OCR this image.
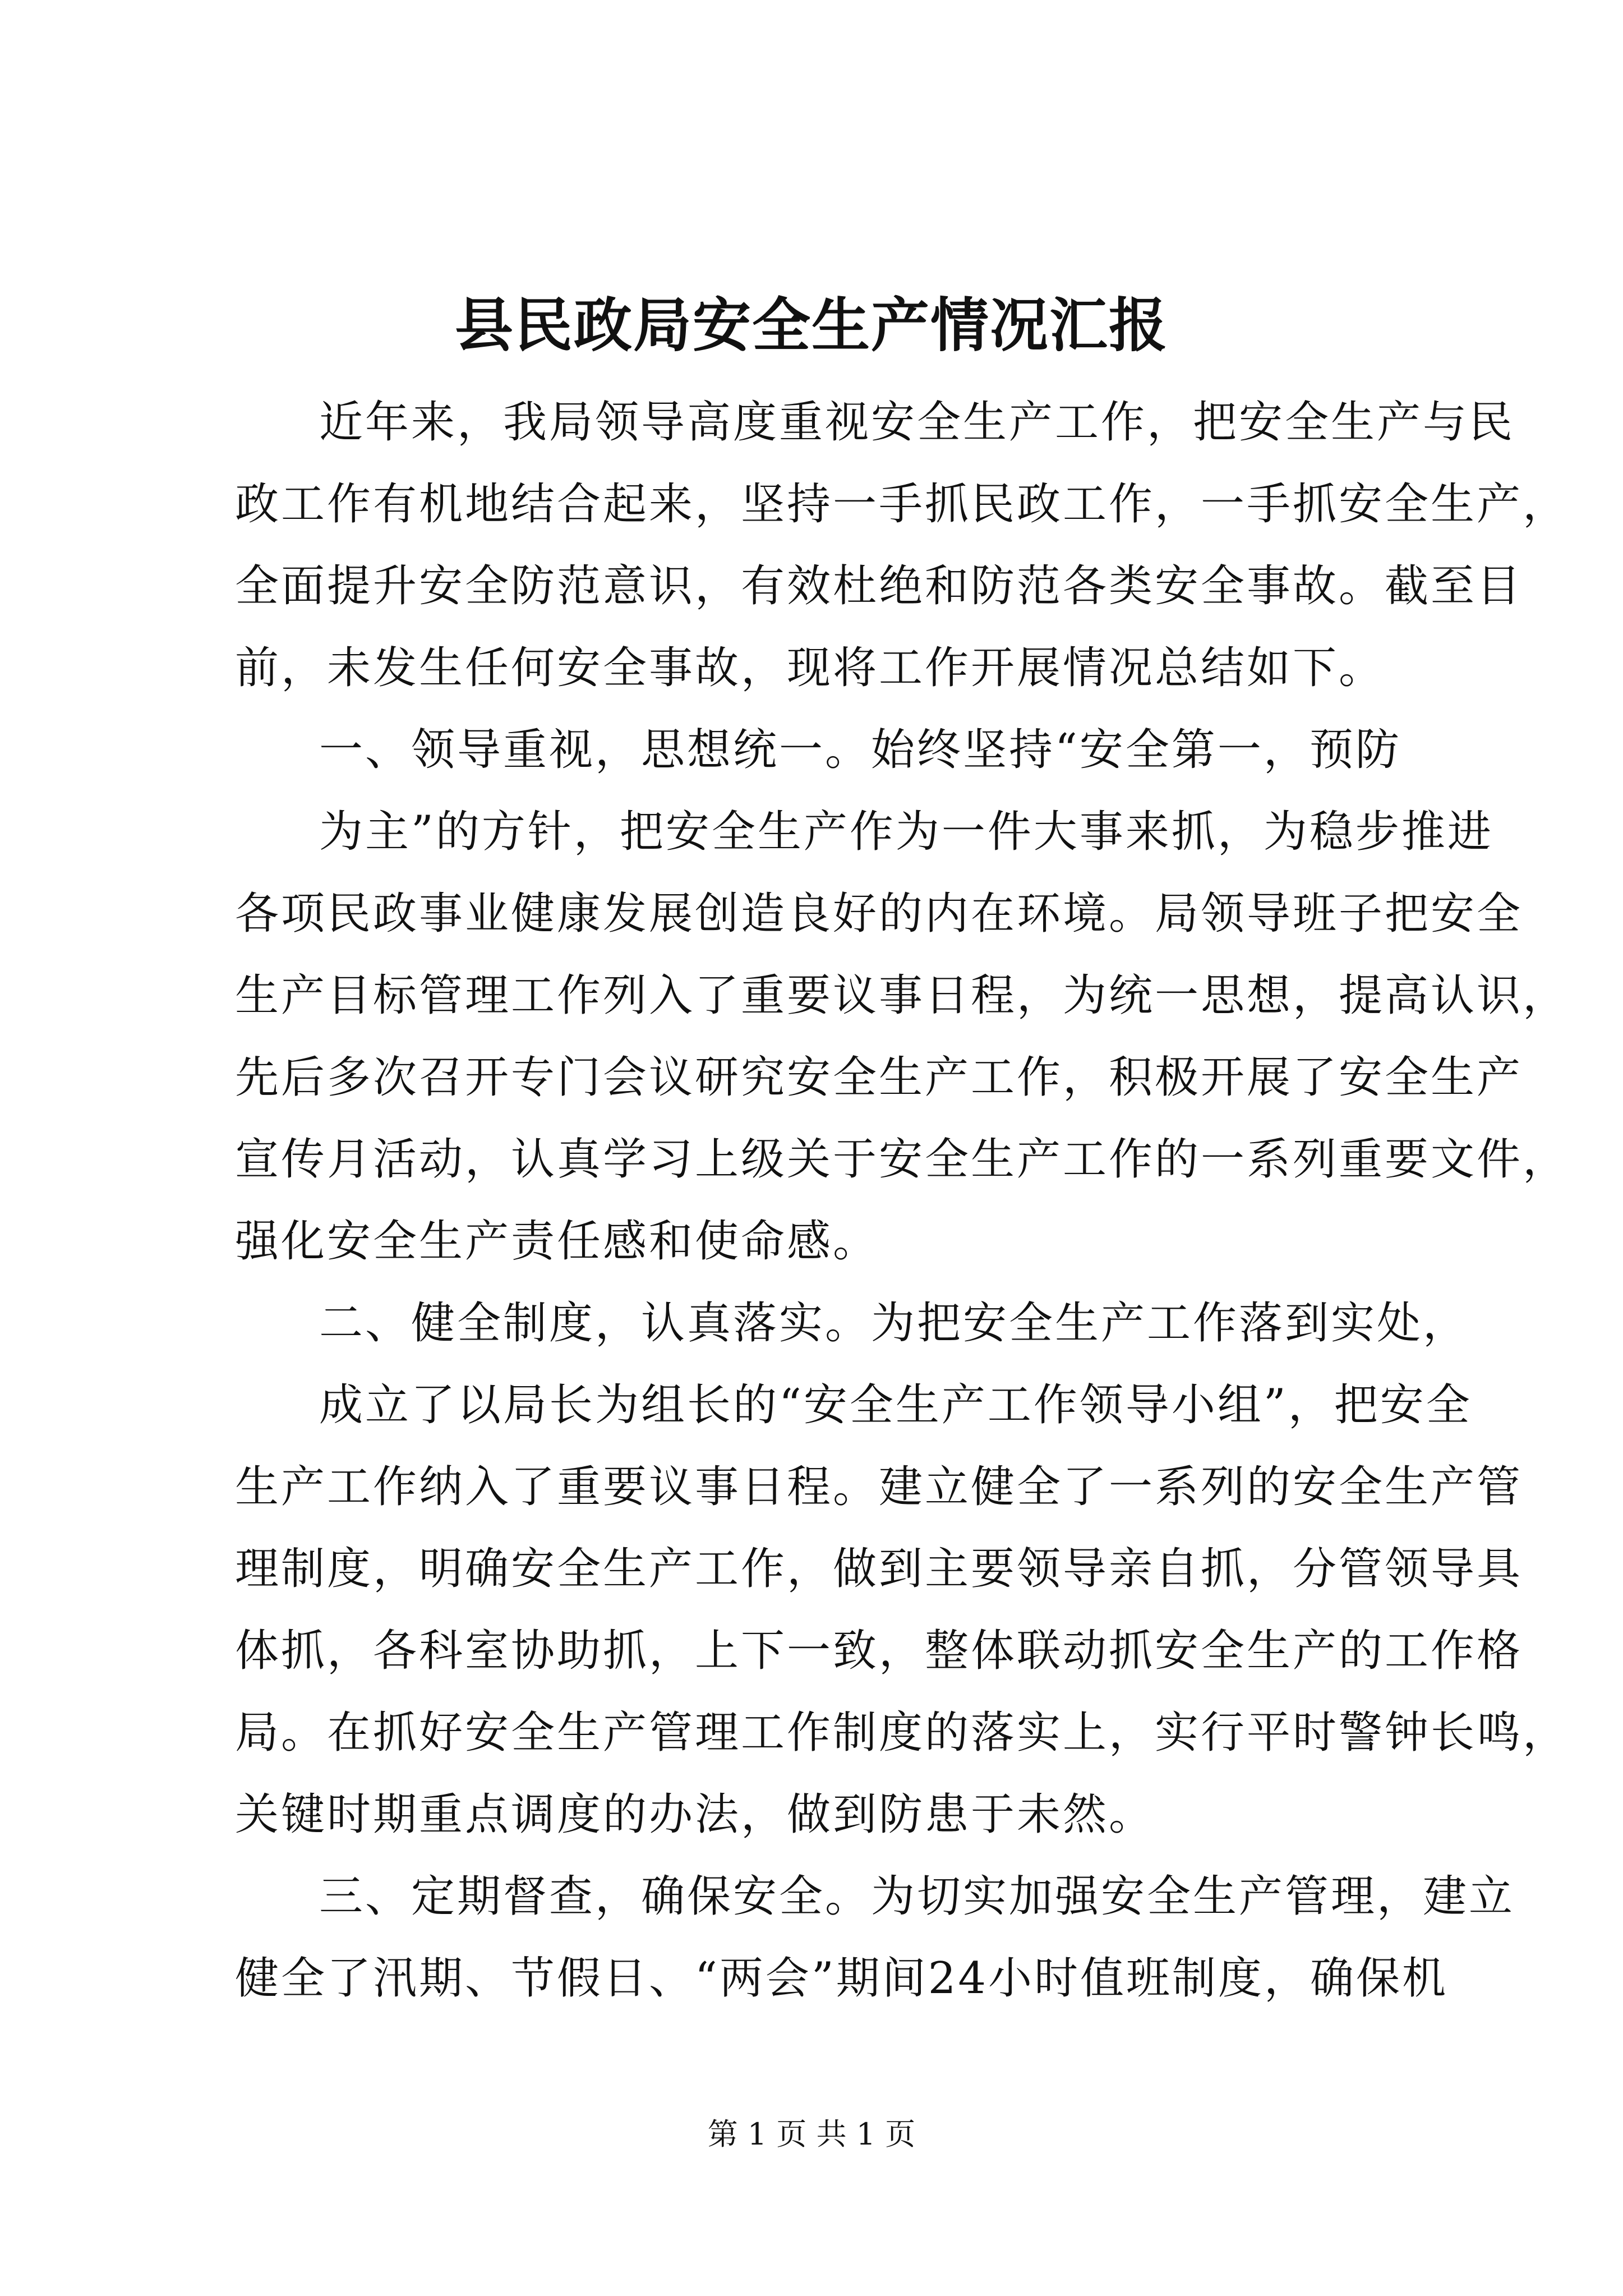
县民政局安全生产情况汇报
近年来，我局领导高度重视安全生产工作，把安全生产与民
政工作有机地结合起来，坚持一手抓民政工作，一手抓安全生产，
全面提升安全防范意识，有效杜绝和防范各类安全事故。截至目
前，未发生任何安全事故，现将工作开展情况总结如下。
一、领导重视，思想统一。始终坚持“安全第一，预防
为主”的方针，把安全生产作为一件大事来抓，为稳步推进
各项民政事业健康发展创造良好的内在环境。局领导班子把安全
生产目标管理工作列入了重要议事日程，为统一思想，提高认识，
先后多次召开专门会议研究安全生产工作，积极开展了安全生产
宣传月活动，认真学习上级关于安全生产工作的一系列重要文件，
强化安全生产责任感和使命感。
二、健全制度，认真落实。为把安全生产工作落到实处，
成立了以局长为组长的“安全生产工作领导小组”，把安全
生产工作纳入了重要议事日程。建立健全了一系列的安全生产管
理制度，明确安全生产工作，做到主要领导亲自抓，分管领导具
体抓，各科室协助抓，上下一致，整体联动抓安全生产的工作格
局。在抓好安全生产管理工作制度的落实上，实行平时警钟长鸣，
关键时期重点调度的办法，做到防患于未然。
三、定期督查，确保安全。为切实加强安全生产管理，建立
健全了汛期、节假日、“两会”期间24小时值班制度，确保机
第 1 页 共 1 页
